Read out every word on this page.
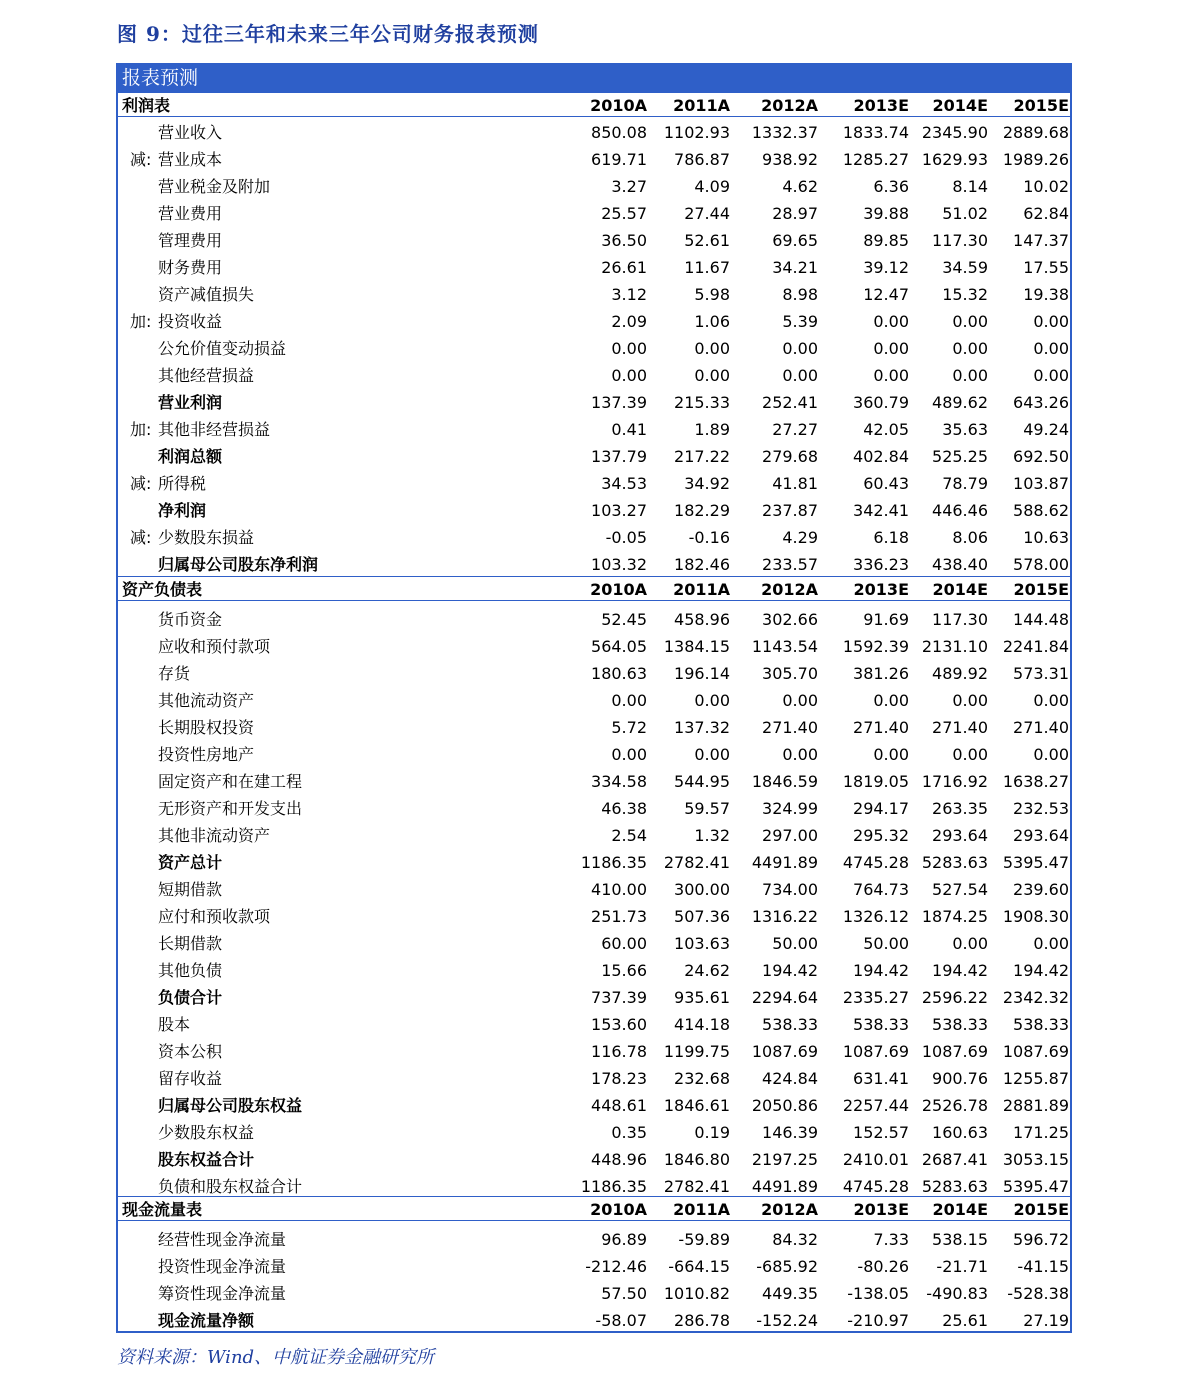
图 9：过往三年和未来三年公司财务报表预测
报表预测
利润表	2010A	2011A	2012A	2013E	2014E	2015E
营业收入	850.08	1102.93	1332.37	1833.74 2345.90 2889.68
减: 营业成本	619.71	786.87	938.92	1285.27 1629.93 1989.26
营业税金及附加	3.27	4.09	4.62	6.36	8.14	10.02
营业费用	25.57	27.44	28.97	39.88	51.02	62.84
管理费用	36.50	52.61	69.65	89.85	117.30	147.37
财务费用	26.61	11.67	34.21	39.12	34.59	17.55
资产减值损失	3.12	5.98	8.98	12.47	15.32	19.38
加: 投资收益	2.09	1.06	5.39	0.00	0.00	0.00
公允价值变动损益	0.00	0.00	0.00	0.00	0.00	0.00
其他经营损益	0.00	0.00	0.00	0.00	0.00	0.00
营业利润	137.39	215.33	252.41	360.79	489.62	643.26
加: 其他非经营损益	0.41	1.89	27.27	42.05	35.63	49.24
利润总额	137.79	217.22	279.68	402.84	525.25	692.50
减: 所得税	34.53	34.92	41.81	60.43	78.79	103.87
净利润	103.27	182.29	237.87	342.41	446.46	588.62
减: 少数股东损益	-0.05	-0.16	4.29	6.18	8.06	10.63
归属母公司股东净利润	103.32	182.46	233.57	336.23	438.40	578.00
资产负债表	2010A	2011A	2012A	2013E	2014E	2015E
货币资金	52.45	458.96	302.66	91.69	117.30	144.48
应收和预付款项	564.05	1384.15	1143.54	1592.39 2131.10 2241.84
存货	180.63	196.14	305.70	381.26	489.92	573.31
其他流动资产	0.00	0.00	0.00	0.00	0.00	0.00
长期股权投资	5.72	137.32	271.40	271.40	271.40	271.40
投资性房地产	0.00	0.00	0.00	0.00	0.00	0.00
固定资产和在建工程	334.58	544.95	1846.59	1819.05 1716.92 1638.27
无形资产和开发支出	46.38	59.57	324.99	294.17	263.35	232.53
其他非流动资产	2.54	1.32	297.00	295.32	293.64	293.64
资产总计	1186.35	2782.41	4491.89	4745.28 5283.63 5395.47
短期借款	410.00	300.00	734.00	764.73	527.54	239.60
应付和预收款项	251.73	507.36	1316.22	1326.12 1874.25 1908.30
长期借款	60.00	103.63	50.00	50.00	0.00	0.00
其他负债	15.66	24.62	194.42	194.42	194.42	194.42
负债合计	737.39	935.61	2294.64	2335.27 2596.22 2342.32
股本	153.60	414.18	538.33	538.33	538.33	538.33
资本公积	116.78	1199.75	1087.69	1087.69 1087.69 1087.69
留存收益	178.23	232.68	424.84	631.41	900.76 1255.87
归属母公司股东权益	448.61	1846.61	2050.86	2257.44 2526.78 2881.89
少数股东权益	0.35	0.19	146.39	152.57	160.63	171.25
股东权益合计	448.96	1846.80	2197.25	2410.01 2687.41 3053.15
负债和股东权益合计	1186.35	2782.41	4491.89	4745.28 5283.63 5395.47
现金流量表	2010A	2011A	2012A	2013E	2014E	2015E
经营性现金净流量	96.89	-59.89	84.32	7.33	538.15	596.72
投资性现金净流量	-212.46	-664.15	-685.92	-80.26	-21.71	-41.15
筹资性现金净流量	57.50	1010.82	449.35	-138.05	-490.83	-528.38
现金流量净额	-58.07	286.78	-152.24	-210.97	25.61	27.19
资料来源：Wind、中航证券金融研究所
